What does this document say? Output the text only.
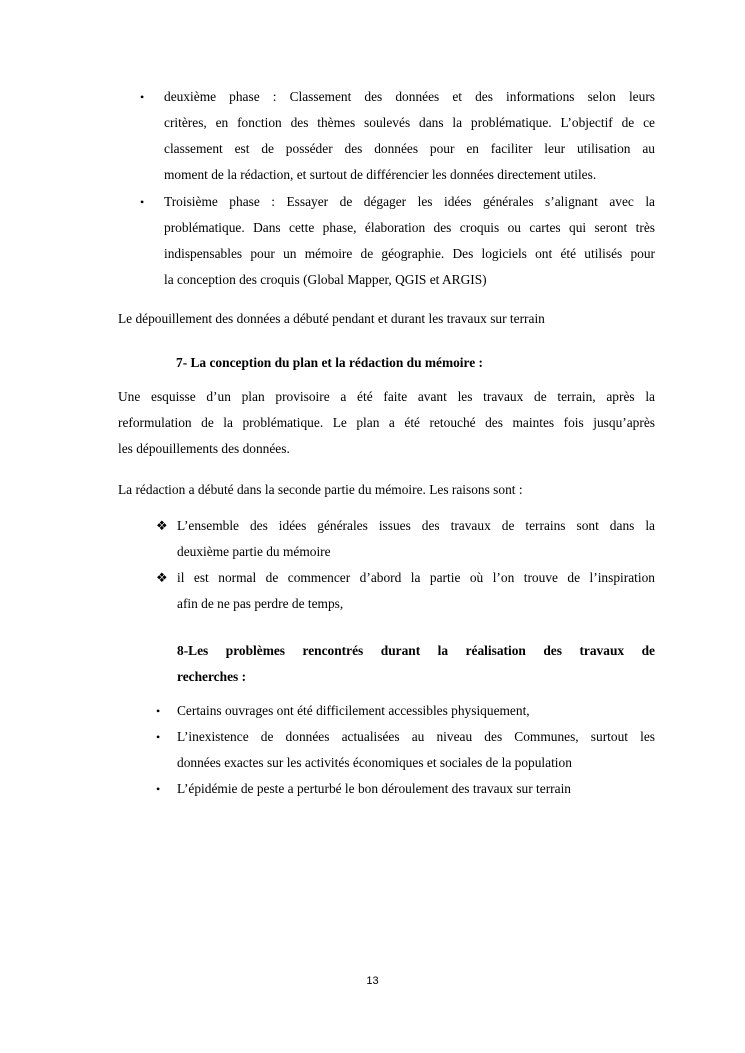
• deuxième phase : Classement des données et des informations selon leurs
critères, en fonction des thèmes soulevés dans la problématique. L’objectif de ce
classement est de posséder des données pour en faciliter leur utilisation au
moment de la rédaction, et surtout de différencier les données directement utiles.
• Troisième phase : Essayer de dégager les idées générales s’alignant avec la
problématique. Dans cette phase, élaboration des croquis ou cartes qui seront très
indispensables pour un mémoire de géographie. Des logiciels ont été utilisés pour
la conception des croquis (Global Mapper, QGIS et ARGIS)
Le dépouillement des données a débuté pendant et durant les travaux sur terrain
7- La conception du plan et la rédaction du mémoire :
Une esquisse d’un plan provisoire a été faite avant les travaux de terrain, après la
reformulation de la problématique. Le plan a été retouché des maintes fois jusqu’après
les dépouillements des données.
La rédaction a débuté dans la seconde partie du mémoire. Les raisons sont :
❖ L’ensemble des idées générales issues des travaux de terrains sont dans la
deuxième partie du mémoire
❖ il est normal de commencer d’abord la partie où l’on trouve de l’inspiration
afin de ne pas perdre de temps,
8-Les problèmes rencontrés durant la réalisation des travaux de
recherches :
• Certains ouvrages ont été difficilement accessibles physiquement,
• L’inexistence de données actualisées au niveau des Communes, surtout les
données exactes sur les activités économiques et sociales de la population
• L’épidémie de peste a perturbé le bon déroulement des travaux sur terrain
13
